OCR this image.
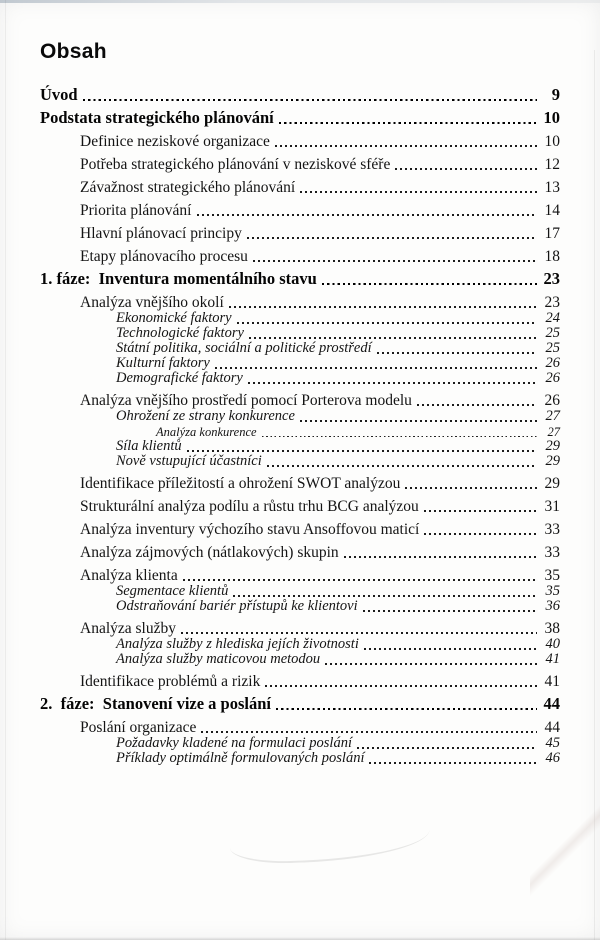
Obsah
Úvod	9
Podstata strategického plánování	10
Definice neziskové organizace	10
Potřeba strategického plánování v neziskové sféře	12
Závažnost strategického plánování	13
Priorita plánování	14
Hlavní plánovací principy	17
Etapy plánovacího procesu	18
1. fáze:  Inventura momentálního stavu	23
Analýza vnějšího okolí	23
Ekonomické faktory	24
Technologické faktory	25
Státní politika, sociální a politické prostředí	25
Kulturní faktory	26
Demografické faktory	26
Analýza vnějšího prostředí pomocí Porterova modelu	26
Ohrožení ze strany konkurence	27
Analýza konkurence	27
Síla klientů	29
Nově vstupující účastníci	29
Identifikace příležitostí a ohrožení SWOT analýzou	29
Strukturální analýza podílu a růstu trhu BCG analýzou	31
Analýza inventury výchozího stavu Ansoffovou maticí	33
Analýza zájmových (nátlakových) skupin	33
Analýza klienta	35
Segmentace klientů	35
Odstraňování bariér přístupů ke klientovi	36
Analýza služby	38
Analýza služby z hlediska jejích životnosti	40
Analýza služby maticovou metodou	41
Identifikace problémů a rizik	41
2.  fáze:  Stanovení vize a poslání	44
Poslání organizace	44
Požadavky kladené na formulaci poslání	45
Příklady optimálně formulovaných poslání	46
